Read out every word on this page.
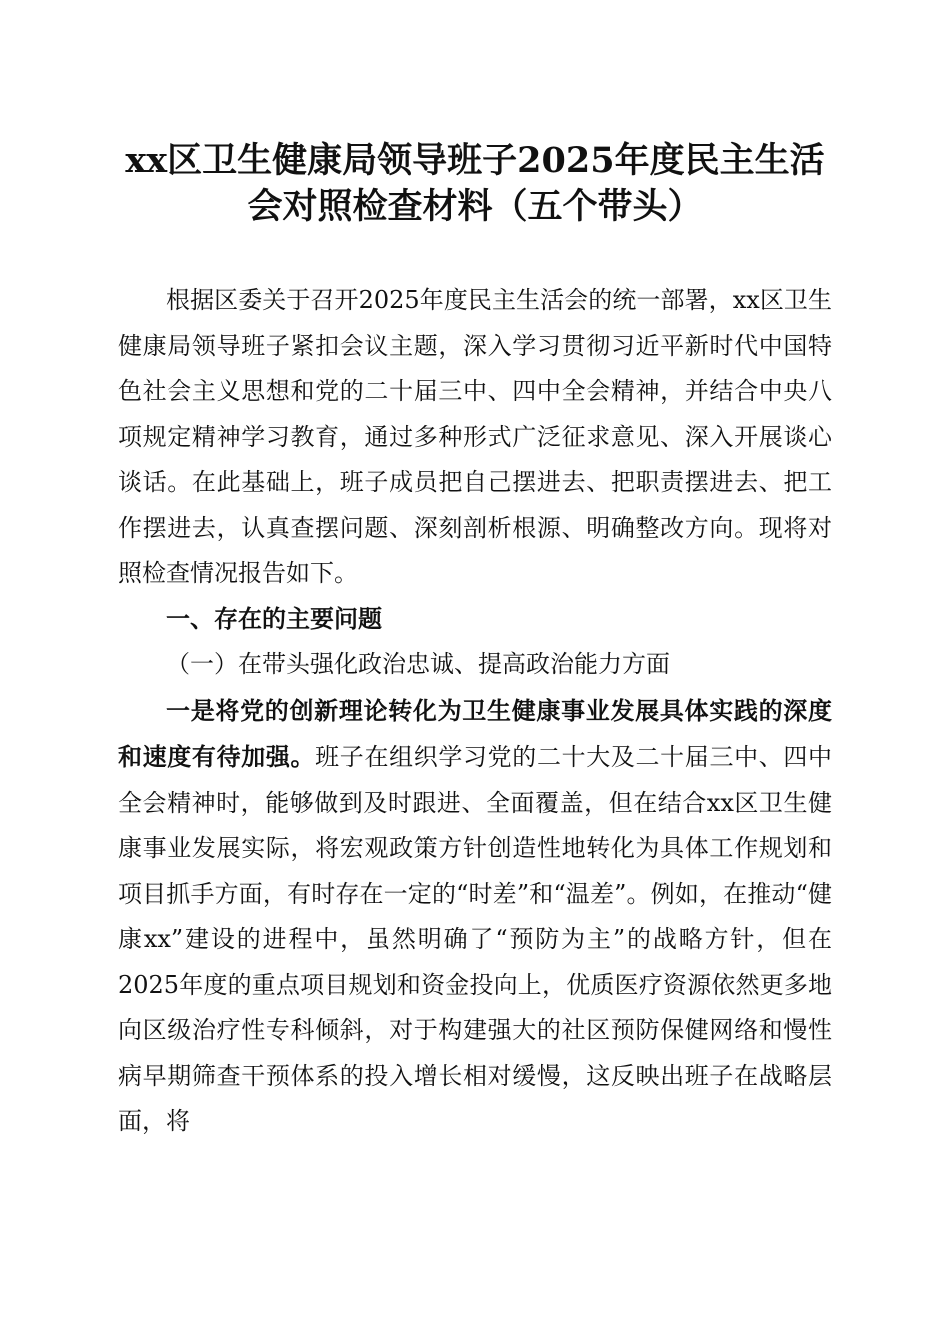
xx区卫生健康局领导班子2025年度民主生活
会对照检查材料（五个带头）

根据区委关于召开2025年度民主生活会的统一部署，xx区卫生健康局领导班子紧扣会议主题，深入学习贯彻习近平新时代中国特色社会主义思想和党的二十届三中、四中全会精神，并结合中央八项规定精神学习教育，通过多种形式广泛征求意见、深入开展谈心谈话。在此基础上，班子成员把自己摆进去、把职责摆进去、把工作摆进去，认真查摆问题、深刻剖析根源、明确整改方向。现将对照检查情况报告如下。

一、存在的主要问题

（一）在带头强化政治忠诚、提高政治能力方面

一是将党的创新理论转化为卫生健康事业发展具体实践的深度和速度有待加强。班子在组织学习党的二十大及二十届三中、四中全会精神时，能够做到及时跟进、全面覆盖，但在结合xx区卫生健康事业发展实际，将宏观政策方针创造性地转化为具体工作规划和项目抓手方面，有时存在一定的“时差”和“温差”。例如，在推动“健康xx”建设的进程中，虽然明确了“预防为主”的战略方针，但在2025年度的重点项目规划和资金投向上，优质医疗资源依然更多地向区级治疗性专科倾斜，对于构建强大的社区预防保健网络和慢性病早期筛查干预体系的投入增长相对缓慢，这反映出班子在战略层面，将
